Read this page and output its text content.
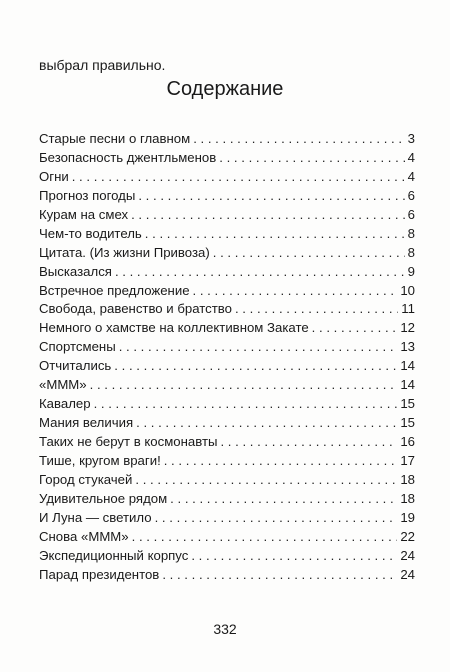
выбрал правильно.

Содержание
Старые песни о главном . . .	3
Безопасность джентльменов . . .	4
Огни . . .	4
Прогноз погоды . . .	6
Курам на смех . . .	6
Чем-то водитель . . .	8
Цитата. (Из жизни Привоза) . . .	8
Высказался . . .	9
Встречное предложение . . .	10
Свобода, равенство и братство . . .	11
Немного о хамстве на коллективном Закате . . .	12
Спортсмены . . .	13
Отчитались . . .	14
«МММ» . . .	14
Кавалер . . .	15
Мания величия . . .	15
Таких не берут в космонавты . . .	16
Тише, кругом враги! . . .	17
Город стукачей . . .	18
Удивительное рядом . . .	18
И Луна — светило . . .	19
Снова «МММ» . . .	22
Экспедиционный корпус . . .	24
Парад президентов . . .	24

332
